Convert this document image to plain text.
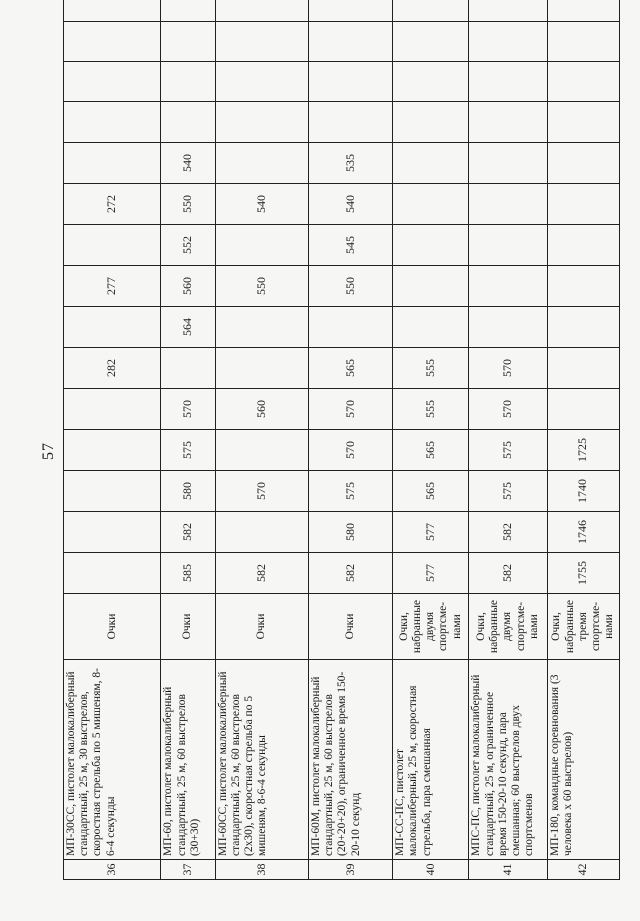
57
36	МП-30СС, пистолет малокалиберный стандартный, 25 м, 30 выстрелов, скоростная стрельба по 5 мишеням, 8-6-4 секунды	Очки						282		277		272					
37	МП-60, пистолет малокалиберный стандартный, 25 м, 60 выстрелов (30+30)	Очки	585	582	580	575	570		564	560	552	550	540				
38	МП-60СС, пистолет малокалиберный стандартный, 25 м, 60 выстрелов (2х30), скоростная стрельба по 5 мишеням, 8-6-4 секунды	Очки	582		570		560			550		540					
39	МП-60М, пистолет малокалиберный стандартный, 25 м, 60 выстрелов (20+20+20), ограниченное время 150-20-10 секунд	Очки	582	580	575	570	570	565		550	545	540	535				
40	МП-СС-ПС, пистолет малокалиберный, 25 м, скоростная стрельба, пара смешанная	Очки, набранные двумя спортсме-нами	577	577	565	565	555	555									
41	МПС-ПС, пистолет малокалиберный стандартный, 25 м, ограниченное время 150-20-10 секунд, пара смешанная; 60 выстрелов двух спортсменов	Очки, набранные двумя спортсме-нами	582	582	575	575	570	570									
42	МП-180, командные соревнования (3 человека х 60 выстрелов)	Очки, набранные тремя спортсме-нами	1755	1746	1740	1725											
